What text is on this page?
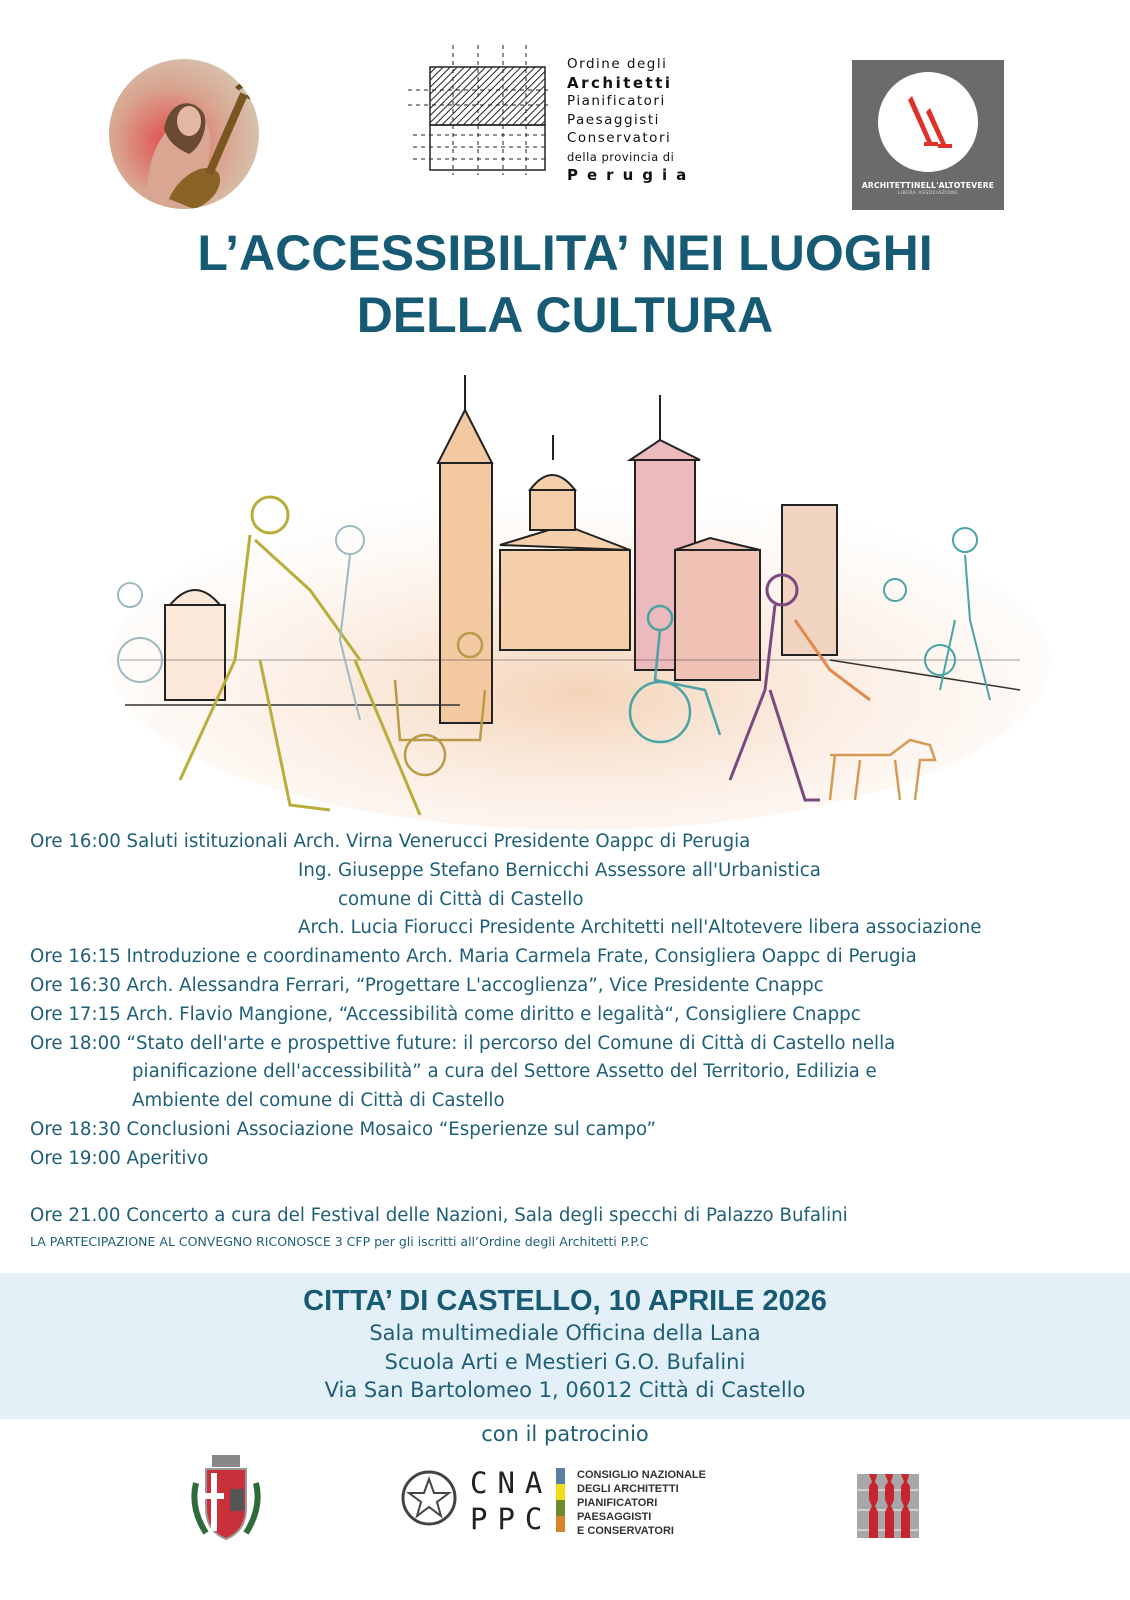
Ordine degli
Architetti
Pianificatori
Paesaggisti
Conservatori
della provincia di
Perugia
ARCHITETTINELL'ALTOTEVERE
LIBERA ASSOCIAZIONE
L’ACCESSIBILITA’ NEI LUOGHI
DELLA CULTURA
Ore 16:00 Saluti istituzionali Arch. Virna Venerucci Presidente Oappc di Perugia
Ing. Giuseppe Stefano Bernicchi Assessore all'Urbanistica
comune di Città di Castello
Arch. Lucia Fiorucci Presidente Architetti nell'Altotevere libera associazione
Ore 16:15 Introduzione e coordinamento Arch. Maria Carmela Frate, Consigliera Oappc di Perugia
Ore 16:30 Arch. Alessandra Ferrari, “Progettare L'accoglienza”, Vice Presidente Cnappc
Ore 17:15 Arch. Flavio Mangione, “Accessibilità come diritto e legalità“, Consigliere Cnappc
Ore 18:00 “Stato dell'arte e prospettive future: il percorso del Comune di Città di Castello nella
pianificazione dell'accessibilità” a cura del Settore Assetto del Territorio, Edilizia e
Ambiente del comune di Città di Castello
Ore 18:30 Conclusioni Associazione Mosaico “Esperienze sul campo”
Ore 19:00 Aperitivo
Ore 21.00 Concerto a cura del Festival delle Nazioni, Sala degli specchi di Palazzo Bufalini
LA PARTECIPAZIONE AL CONVEGNO RICONOSCE 3 CFP per gli iscritti all’Ordine degli Architetti P.P.C
CITTA’ DI CASTELLO, 10 APRILE 2026
Sala multimediale Officina della Lana
Scuola Arti e Mestieri G.O. Bufalini
Via San Bartolomeo 1, 06012 Città di Castello
con il patrocinio
CNA
PPC
CONSIGLIO NAZIONALE
DEGLI ARCHITETTI
PIANIFICATORI
PAESAGGISTI
E CONSERVATORI
